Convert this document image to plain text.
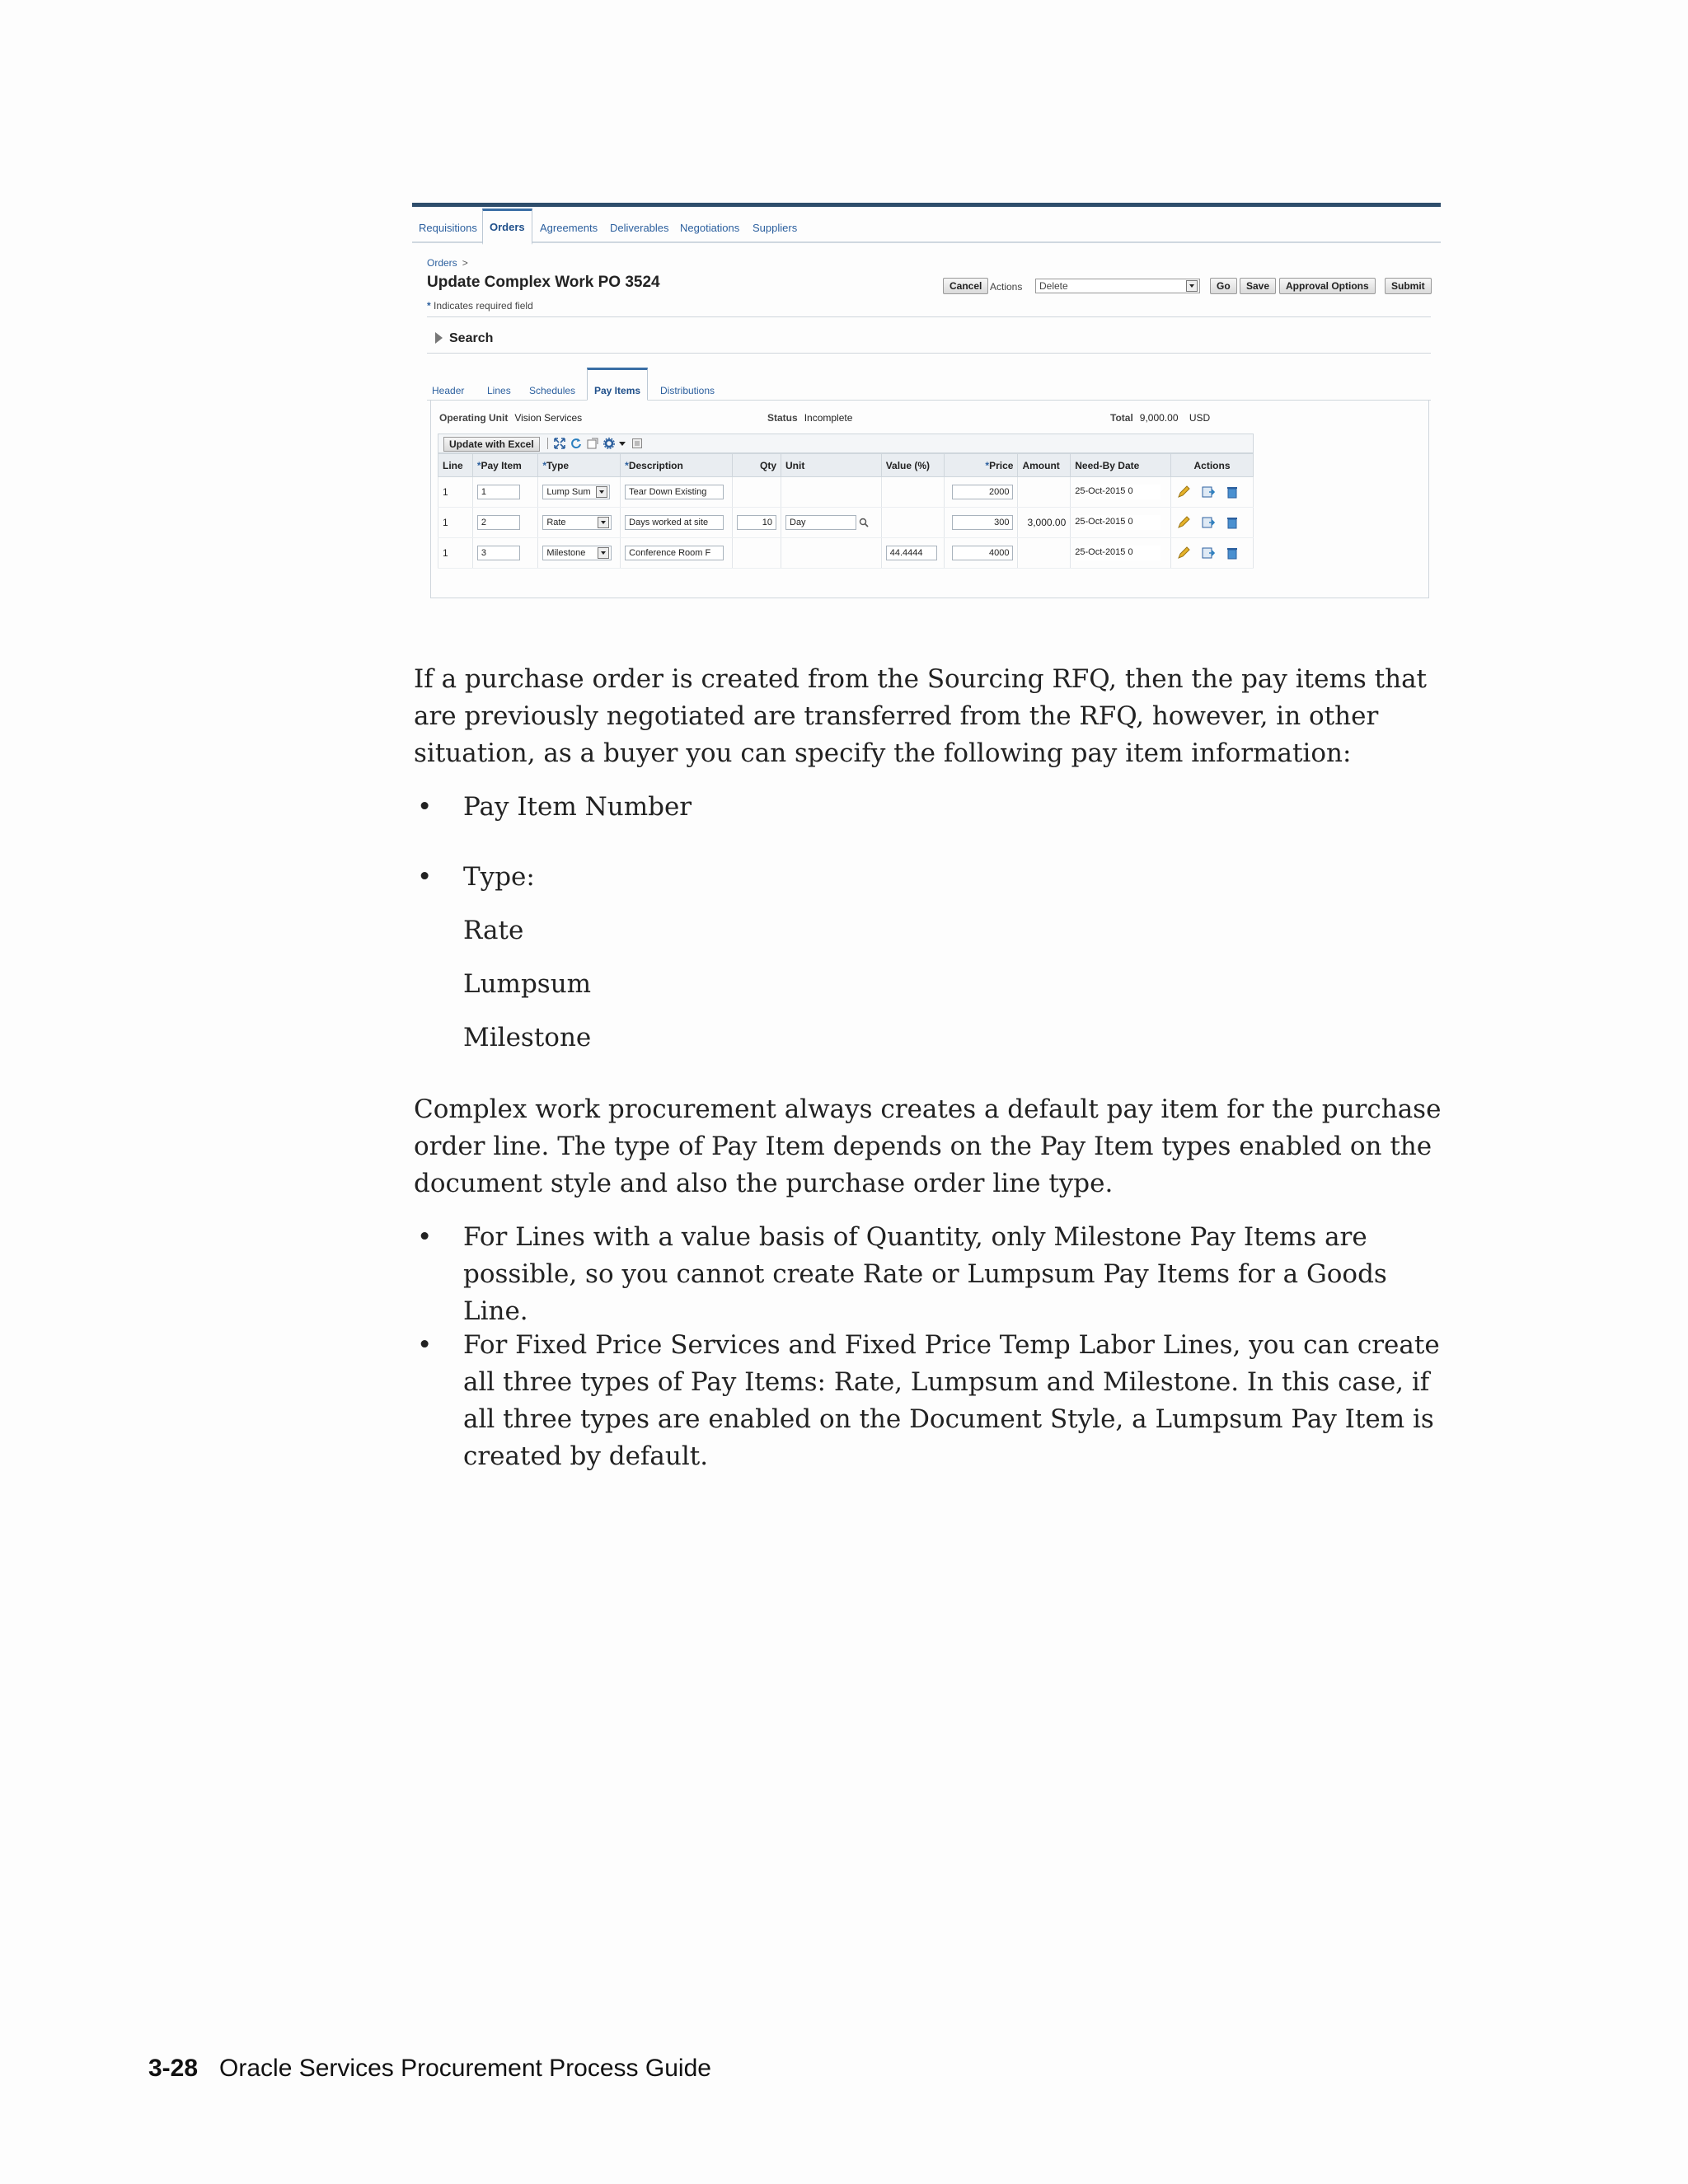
Requisitions	Orders	Agreements Deliverables Negotiations Suppliers
Orders >
Update Complex Work PO 3524
* Indicates required field
Cancel Actions	Delete	Go	Save	Approval Options	Submit
Search
Header Lines Schedules	Pay Items	Distributions
Operating Unit Vision Services	Status Incomplete	Total 9,000.00 USD
Update with Excel
Line	*Pay Item	*Type	*Description	Qty	Unit	Value (%)	*Price	Amount	Need-By Date	Actions
1	1	Lump Sum	Tear Down Existing				2000		25-Oct-2015 0	
1	2	Rate	Days worked at site	10	Day		300	3,000.00	25-Oct-2015 0	
1	3	Milestone	Conference Room F			44.4444	4000		25-Oct-2015 0	
If a purchase order is created from the Sourcing RFQ, then the pay items that are previously negotiated are transferred from the RFQ, however, in other situation, as a buyer you can specify the following pay item information:
• Pay Item Number
• Type:
Rate
Lumpsum
Milestone
Complex work procurement always creates a default pay item for the purchase order line. The type of Pay Item depends on the Pay Item types enabled on the document style and also the purchase order line type.
• For Lines with a value basis of Quantity, only Milestone Pay Items are possible, so you cannot create Rate or Lumpsum Pay Items for a Goods Line.
• For Fixed Price Services and Fixed Price Temp Labor Lines, you can create all three types of Pay Items: Rate, Lumpsum and Milestone. In this case, if all three types are enabled on the Document Style, a Lumpsum Pay Item is created by default.
3-28 Oracle Services Procurement Process Guide
